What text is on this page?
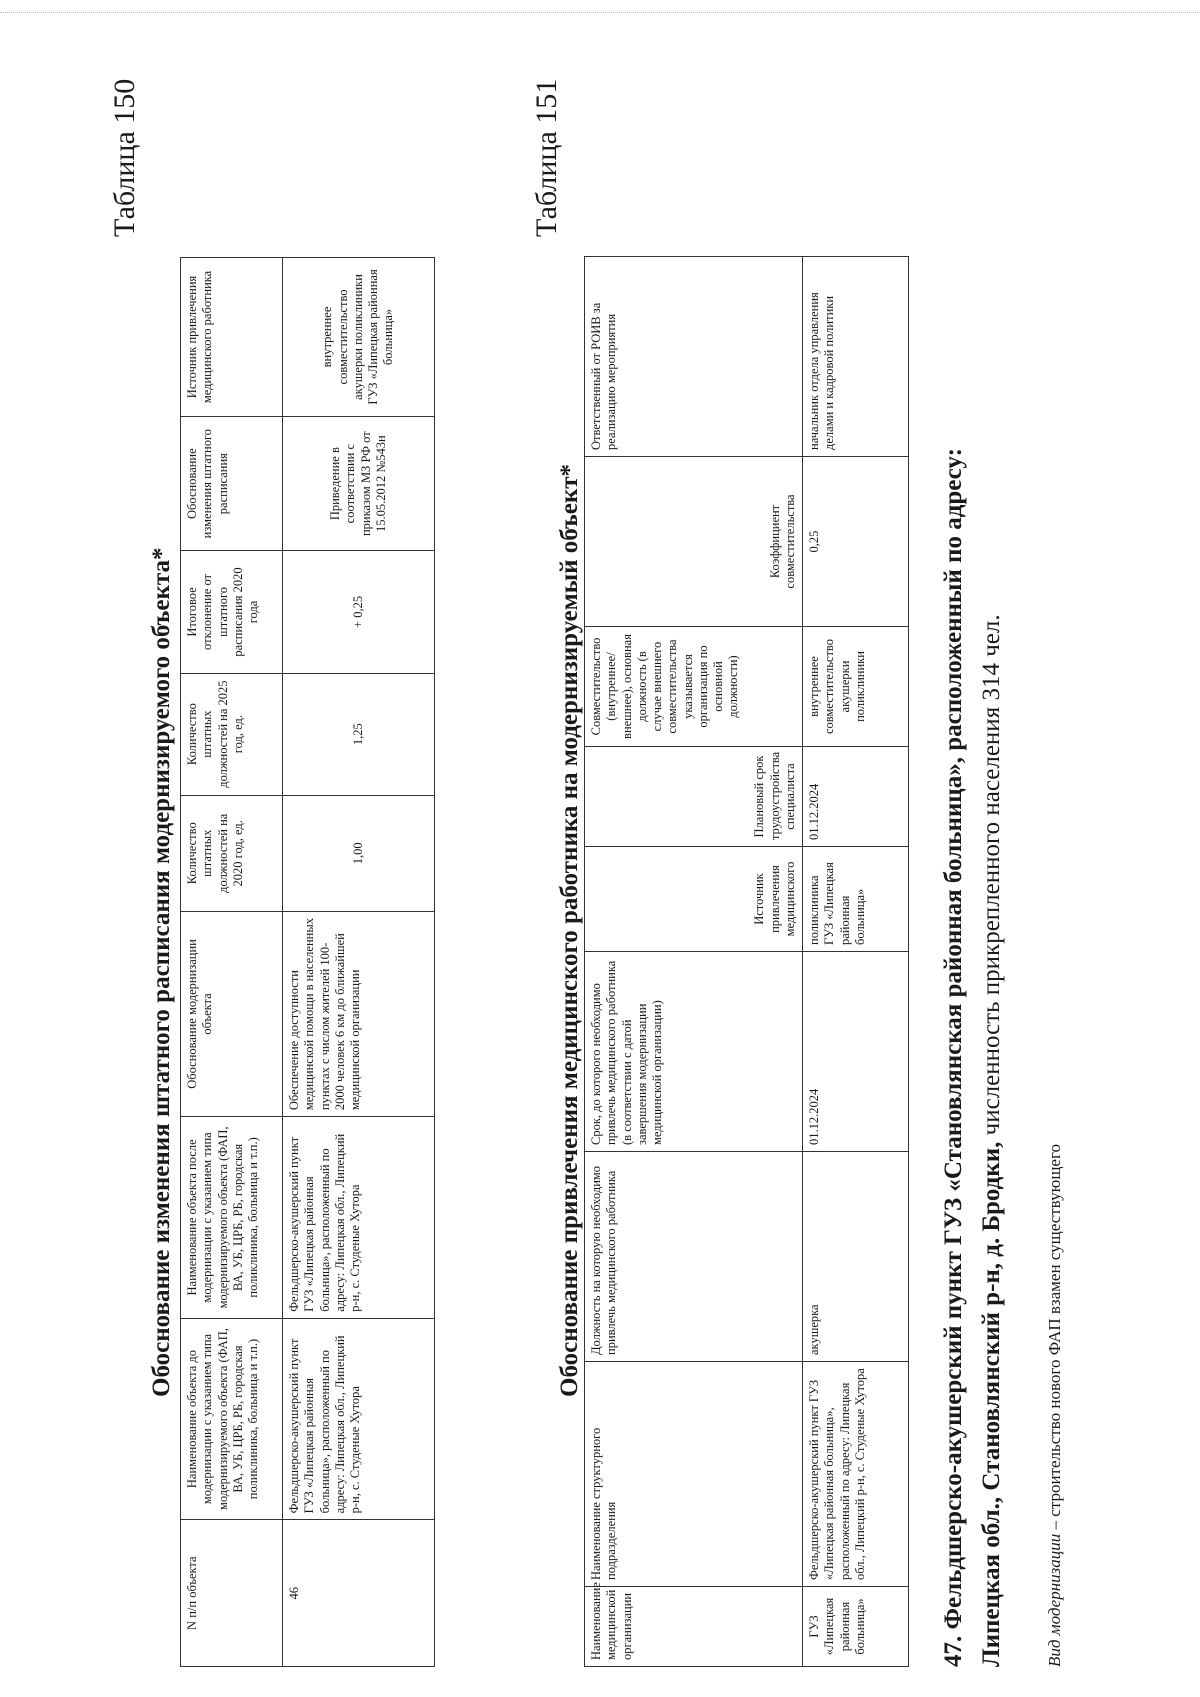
Таблица 150
Обоснование изменения штатного расписания модернизируемого объекта*
N п/п объекта	Наименование объекта до модернизации с указанием типа модернизируемого объекта (ФАП, ВА, УБ, ЦРБ, РБ, городская поликлиника, больница и т.п.)	Наименование объекта после модернизации с указанием типа модернизируемого объекта (ФАП, ВА, УБ, ЦРБ, РБ, городская поликлиника, больница и т.п.)	Обоснование модернизации объекта	Количество штатных должностей на 2020 год, ед.	Количество штатных должностей на 2025 год, ед.	Итоговое отклонение от штатного расписания 2020 года	Обоснование изменения штатного расписания	Источник привлечения медицинского работника
46	Фельдшерско-акушерский пункт ГУЗ «Липецкая районная больница», расположенный по адресу: Липецкая обл., Липецкий р-н, с. Студеные Хутора	Фельдшерско-акушерский пункт ГУЗ «Липецкая районная больница», расположенный по адресу: Липецкая обл., Липецкий р-н, с. Студеные Хутора	Обеспечение доступности медицинской помощи в населенных пунктах с числом жителей 100-2000 человек 6 км до ближайшей медицинской организации	1,00	1,25	+ 0,25	Приведение в соответствии с приказом МЗ РФ от 15.05.2012 №543н	внутреннее совместительство акушерки поликлиники ГУЗ «Липецкая районная больница»
Таблица 151
Обоснование привлечения медицинского работника на модернизируемый объект*
Наименование медицинской организации	Наименование структурного подразделения	Должность на которую необходимо привлечь медицинского работника	Срок, до которого необходимо привлечь медицинского работника (в соответствии с датой завершения модернизации медицинской организации)	Источник привлечения медицинского	Плановый срок трудоустройства специалиста	Совместительство (внутреннее/внешнее), основная должность (в случае внешнего совместительства указывается организация по основной должности)	Коэффициент совместительства	Ответственный от РОИВ за реализацию мероприятия
ГУЗ «Липецкая районная больница»	Фельдшерско-акушерский пункт ГУЗ «Липецкая районная больница», расположенный по адресу: Липецкая обл., Липецкий р-н, с. Студеные Хутора	акушерка	01.12.2024	поликлиника ГУЗ «Липецкая районная больница»	01.12.2024	внутреннее совместительство акушерки поликлиники	0,25	начальник отдела управления делами и кадровой политики
47. Фельдшерско-акушерский пункт ГУЗ «Становлянская районная больница», расположенный по адресу: Липецкая обл., Становлянский р-н, д. Бродки, численность прикрепленного населения 314 чел.
Вид модернизации – строительство нового ФАП взамен существующего
